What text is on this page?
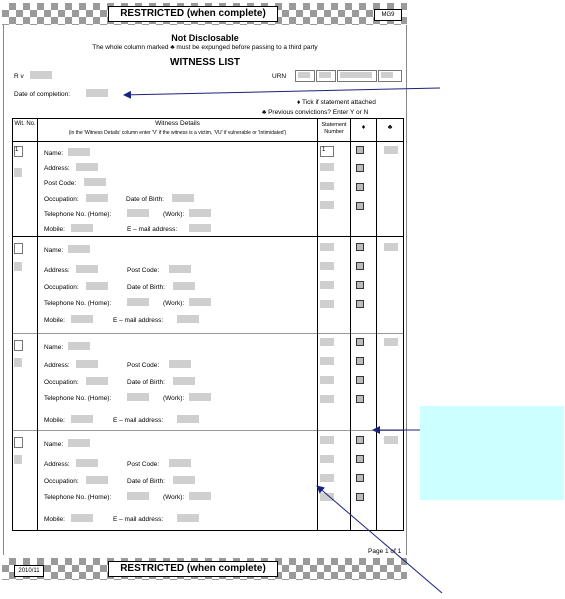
RESTRICTED (when complete)	MG9
Not Disclosable
The whole column marked ♣ must be expunged before passing to a third party
WITNESS LIST
R v	URN
Date of completion:
♦ Tick if statement attached
♣ Previous convictions? Enter Y or N
Wit. No.	Witness Details
(in the 'Witness Details' column enter 'V' if the witness is a victim, 'VU' if vulnerable or 'Intimidated')
Statement Number
♦	♣
1	Name:
Address:
Post Code:
Occupation:	Date of Birth:
Telephone No. (Home):	(Work):
Mobile:	E – mail address:
1
Name:
Address:	Post Code:
Occupation:	Date of Birth:
Telephone No. (Home):	(Work):
Mobile:	E – mail address:
Name:
Address:	Post Code:
Occupation:	Date of Birth:
Telephone No. (Home):	(Work):
Mobile:	E – mail address:
Name:
Address:	Post Code:
Occupation:	Date of Birth:
Telephone No. (Home):	(Work):
Mobile:	E – mail address:
Page 1 of 1
2010/11	RESTRICTED (when complete)
